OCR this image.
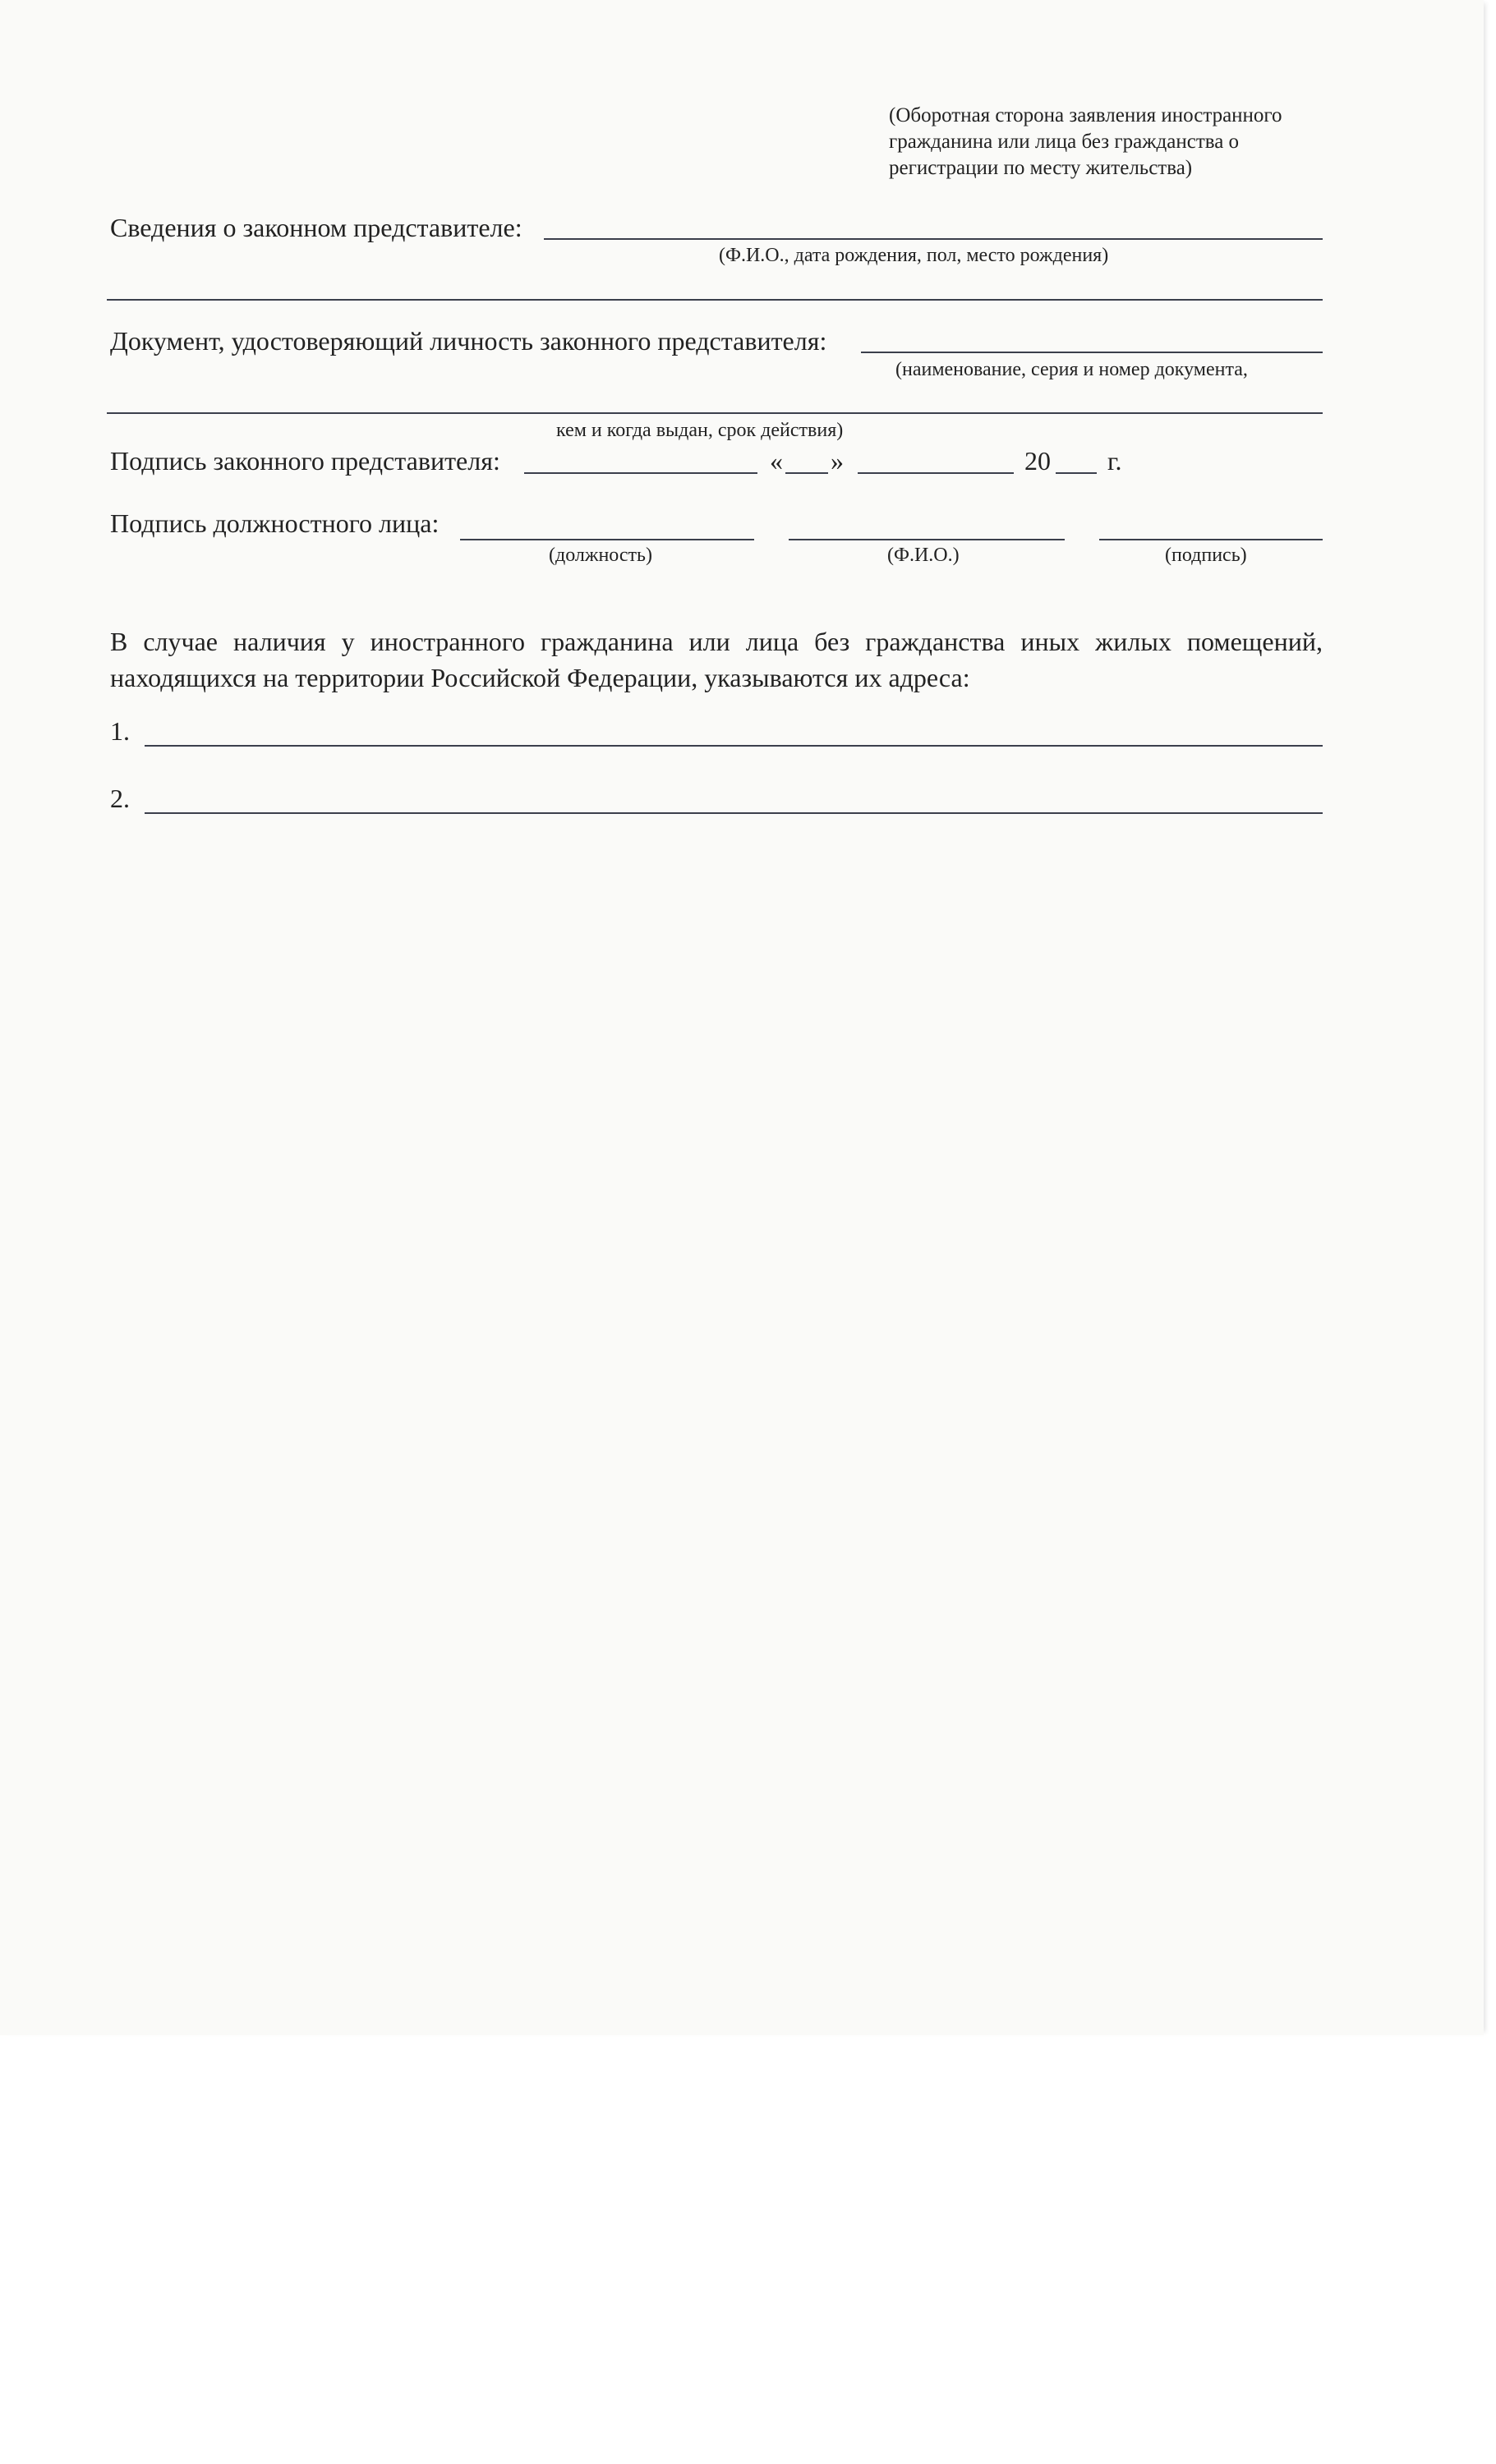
(Оборотная сторона заявления иностранного гражданина или лица без гражданства о регистрации по месту жительства)
Сведения о законном представителе:
(Ф.И.О., дата рождения, пол, место рождения)
Документ, удостоверяющий личность законного представителя:
(наименование, серия и номер документа,
кем и когда выдан, срок действия)
Подпись законного представителя:	« »	20 г.
Подпись должностного лица:
(должность)	(Ф.И.О.)	(подпись)
В случае наличия у иностранного гражданина или лица без гражданства иных жилых помещений, находящихся на территории Российской Федерации, указываются их адреса:
1.
2.
